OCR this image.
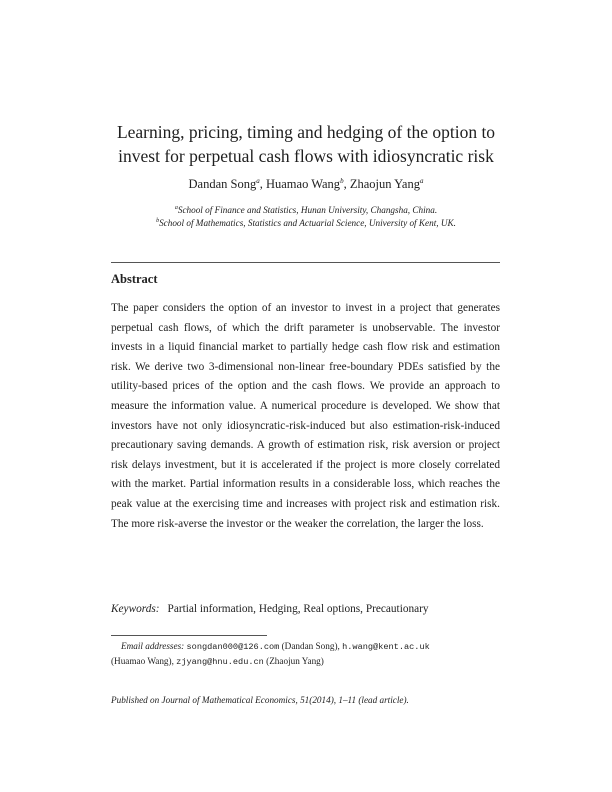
Learning, pricing, timing and hedging of the option to
invest for perpetual cash flows with idiosyncratic risk
Dandan Song$^a$, Huamao Wang$^b$, Zhaojun Yang$^a$
$^a$School of Finance and Statistics, Hunan University, Changsha, China.
$^b$School of Mathematics, Statistics and Actuarial Science, University of Kent, UK.
Abstract

The paper considers the option of an investor to invest in a project that generates perpetual cash flows, of which the drift parameter is unobservable. The investor invests in a liquid financial market to partially hedge cash flow risk and estimation risk. We derive two 3-dimensional non-linear free-boundary PDEs satisfied by the utility-based prices of the option and the cash flows. We provide an approach to measure the information value. A numerical procedure is developed. We show that investors have not only idiosyncratic-risk-induced but also estimation-risk-induced precautionary saving demands. A growth of estimation risk, risk aversion or project risk delays investment, but it is accelerated if the project is more closely correlated with the market. Partial information results in a considerable loss, which reaches the peak value at the exercising time and increases with project risk and estimation risk. The more risk-averse the investor or the weaker the correlation, the larger the loss.

Keywords: Partial information, Hedging, Real options, Precautionary
Email addresses: songdan000@126.com (Dandan Song), h.wang@kent.ac.uk
(Huamao Wang), zjyang@hnu.edu.cn (Zhaojun Yang)
Published on Journal of Mathematical Economics, 51(2014), 1–11 (lead article).
